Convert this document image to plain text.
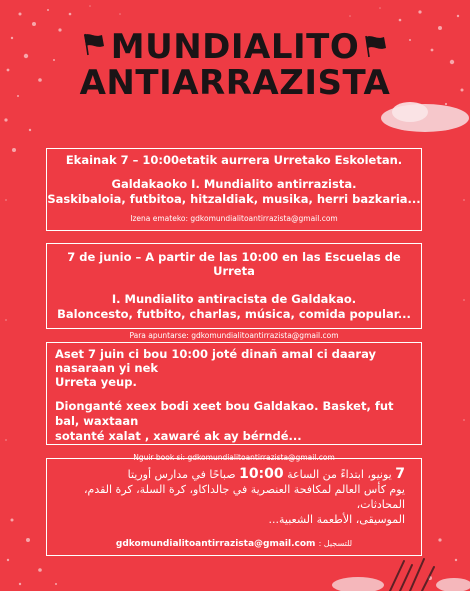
MUNDIALITO
ANTIARRAZISTA
Ekainak 7 – 10:00etatik aurrera Urretako Eskoletan.
Galdakaoko I. Mundialito antirrazista.
Saskibaloia, futbitoa, hitzaldiak, musika, herri bazkaria...
Izena emateko: gdkomundialitoantirrazista@gmail.com
7 de junio – A partir de las 10:00 en las Escuelas de Urreta
I. Mundialito antiracista de Galdakao.
Baloncesto, futbito, charlas, música, comida popular...
Para apuntarse: gdkomundialitoantirrazista@gmail.com
Aset 7 juin ci bou 10:00 joté dinañ amal ci daaray nasaraan yi nek
Urreta yeup.
Dionganté xeex bodi xeet bou Galdakao. Basket, fut bal, waxtaan
sotanté xalat , xawaré ak ay bérndé...
Nguir book si: gdkomundialitoantirrazista@gmail.com
7 يونيو، ابتداءً من الساعة 10:00 صباحًا في مدارس أوريتا
يوم كأس العالم لمكافحة العنصرية في جالداكاو، كرة السلة، كرة القدم، المحادثات،
الموسيقى، الأطعمة الشعبية...
للتسجيل : gdkomundialitoantirrazista@gmail.com
